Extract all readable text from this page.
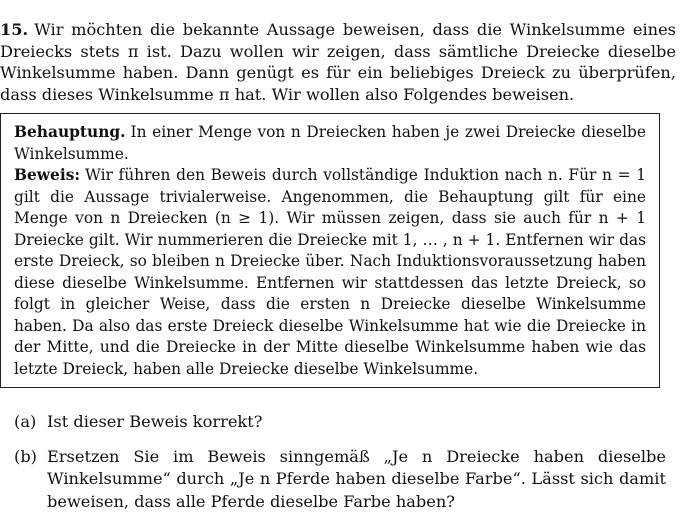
15. Wir möchten die bekannte Aussage beweisen, dass die Winkelsumme eines Dreiecks stets π ist. Dazu wollen wir zeigen, dass sämtliche Dreiecke dieselbe Winkelsumme haben. Dann genügt es für ein beliebiges Dreieck zu überprüfen, dass dieses Winkelsumme π hat. Wir wollen also Folgendes beweisen.

Behauptung. In einer Menge von n Dreiecken haben je zwei Dreiecke dieselbe Winkelsumme.

Beweis: Wir führen den Beweis durch vollständige Induktion nach n. Für n = 1 gilt die Aussage trivialerweise. Angenommen, die Behauptung gilt für eine Menge von n Dreiecken (n ≥ 1). Wir müssen zeigen, dass sie auch für n + 1 Dreiecke gilt. Wir nummerieren die Dreiecke mit 1, … , n + 1. Entfernen wir das erste Dreieck, so bleiben n Dreiecke über. Nach Induktionsvoraussetzung haben diese dieselbe Winkelsumme. Entfernen wir stattdessen das letzte Dreieck, so folgt in gleicher Weise, dass die ersten n Dreiecke dieselbe Winkelsumme haben. Da also das erste Dreieck dieselbe Winkelsumme hat wie die Dreiecke in der Mitte, und die Dreiecke in der Mitte dieselbe Winkelsumme haben wie das letzte Dreieck, haben alle Dreiecke dieselbe Winkelsumme.

(a) Ist dieser Beweis korrekt?
(b) Ersetzen Sie im Beweis sinngemäß „Je n Dreiecke haben dieselbe Winkelsumme“ durch „Je n Pferde haben dieselbe Farbe“. Lässt sich damit beweisen, dass alle Pferde dieselbe Farbe haben?
